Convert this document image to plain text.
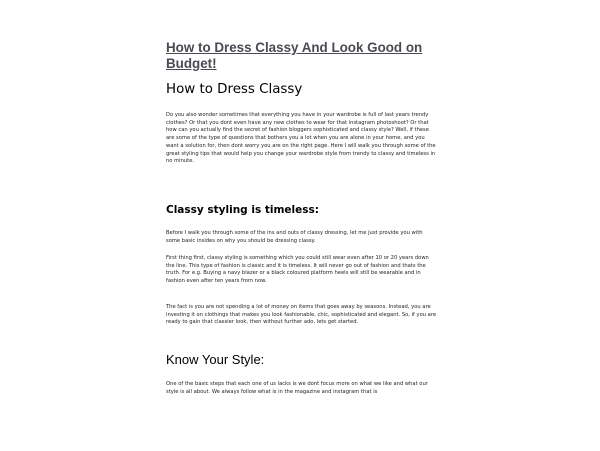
How to Dress Classy And Look Good on Budget!
How to Dress Classy

Do you also wonder sometimes that everything you have in your wardrobe is full of last years trendy clothes? Or that you dont even have any new clothes to wear for that instagram photoshoot? Or that how can you actually find the secret of fashion bloggers sophisticated and classy style? Well, if these are some of the type of questions that bothers you a lot when you are alone in your home, and you want a solution for, then dont worry you are on the right page. Here I will walk you through some of the great styling tips that would help you change your wardrobe style from trendy to classy and timeless in no minute.

Classy styling is timeless:

Before I walk you through some of the ins and outs of classy dressing, let me just provide you with some basic insides on why you should be dressing classy.

First thing first, classy styling is something which you could still wear even after 10 or 20 years down the line. This type of fashion is classic and it is timeless. It will never go out of fashion and thats the truth. For e.g. Buying a navy blazer or a black coloured platform heels will still be wearable and in fashion even after ten years from now.

The fact is you are not spending a lot of money on items that goes away by seasons. Instead, you are investing it on clothings that makes you look fashionable, chic, sophisticated and elegant. So, if you are ready to gain that classier look, then without further ado, lets get started.

Know Your Style:

One of the basic steps that each one of us lacks is we dont focus more on what we like and what our style is all about. We always follow what is in the magazine and instagram that is
